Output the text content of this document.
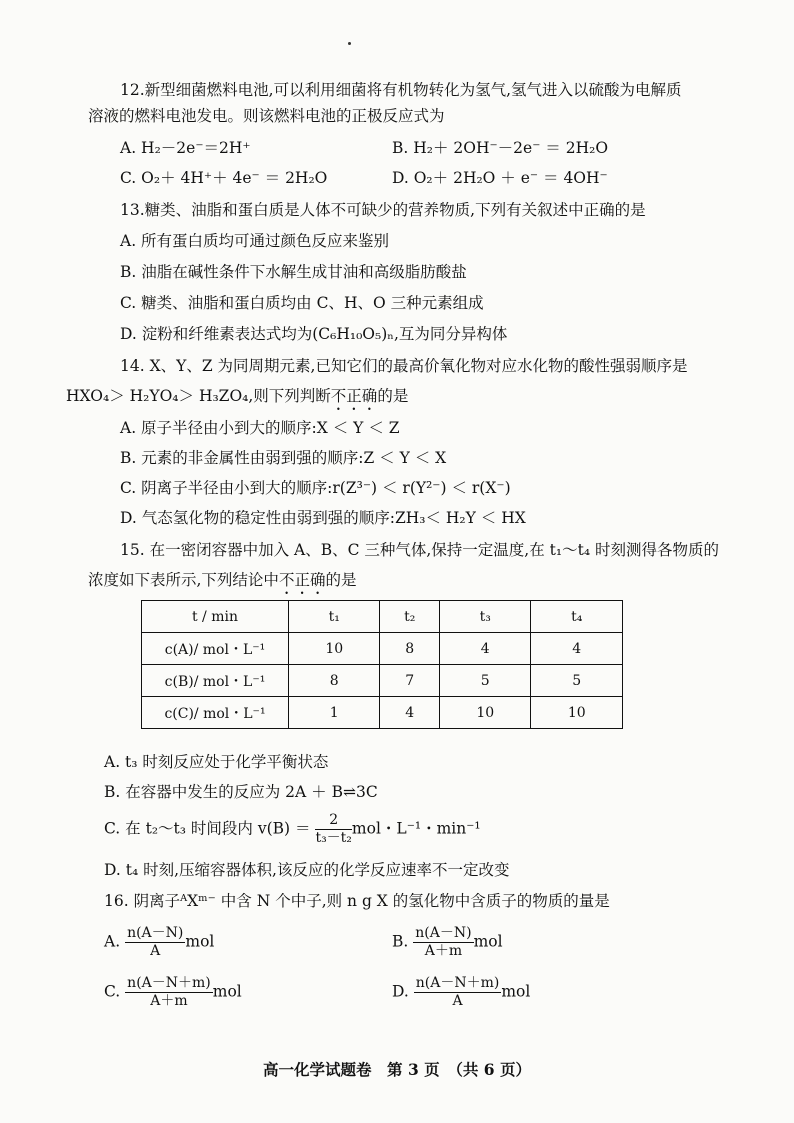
12.新型细菌燃料电池,可以利用细菌将有机物转化为氢气,氢气进入以硫酸为电解质
溶液的燃料电池发电。则该燃料电池的正极反应式为
A. H₂－2e⁻＝2H⁺	B. H₂＋ 2OH⁻－2e⁻ ＝ 2H₂O
C. O₂＋ 4H⁺＋ 4e⁻ ＝ 2H₂O	D. O₂＋ 2H₂O ＋ e⁻ ＝ 4OH⁻
13.糖类、油脂和蛋白质是人体不可缺少的营养物质,下列有关叙述中正确的是
A. 所有蛋白质均可通过颜色反应来鉴别
B. 油脂在碱性条件下水解生成甘油和高级脂肪酸盐
C. 糖类、油脂和蛋白质均由 C、H、O 三种元素组成
D. 淀粉和纤维素表达式均为(C₆H₁₀O₅)ₙ,互为同分异构体
14. X、Y、Z 为同周期元素,已知它们的最高价氧化物对应水化物的酸性强弱顺序是
HXO₄＞ H₂YO₄＞ H₃ZO₄,则下列判断不正确的是
A. 原子半径由小到大的顺序:X ＜ Y ＜ Z
B. 元素的非金属性由弱到强的顺序:Z ＜ Y ＜ X
C. 阴离子半径由小到大的顺序:r(Z³⁻) ＜ r(Y²⁻) ＜ r(X⁻)
D. 气态氢化物的稳定性由弱到强的顺序:ZH₃＜ H₂Y ＜ HX
15. 在一密闭容器中加入 A、B、C 三种气体,保持一定温度,在 t₁～t₄ 时刻测得各物质的
浓度如下表所示,下列结论中不正确的是
t / min	t₁	t₂	t₃	t₄
c(A)/ mol・L⁻¹	10	8	4	4
c(B)/ mol・L⁻¹	8	7	5	5
c(C)/ mol・L⁻¹	1	4	10	10
A. t₃ 时刻反应处于化学平衡状态
B. 在容器中发生的反应为 2A ＋ B⇌3C
C. 在 t₂～t₃ 时间段内 $v(B) = \frac{2}{\text{t₃－t₂}}$ mol・L⁻¹・min⁻¹
D. t₄ 时刻,压缩容器体积,该反应的化学反应速率不一定改变
16. 阴离子ᴬXᵐ⁻ 中含 N 个中子,则 n g X 的氢化物中含质子的物质的量是
A. $\frac{n(A-N)}{A}$ mol	B. $\frac{n(A-N)}{A+m}$ mol
C. $\frac{n(A-N+m)}{A+m}$ mol	D. $\frac{n(A-N+m)}{A}$ mol
高一化学试题卷　第 3 页　（共 6 页）
